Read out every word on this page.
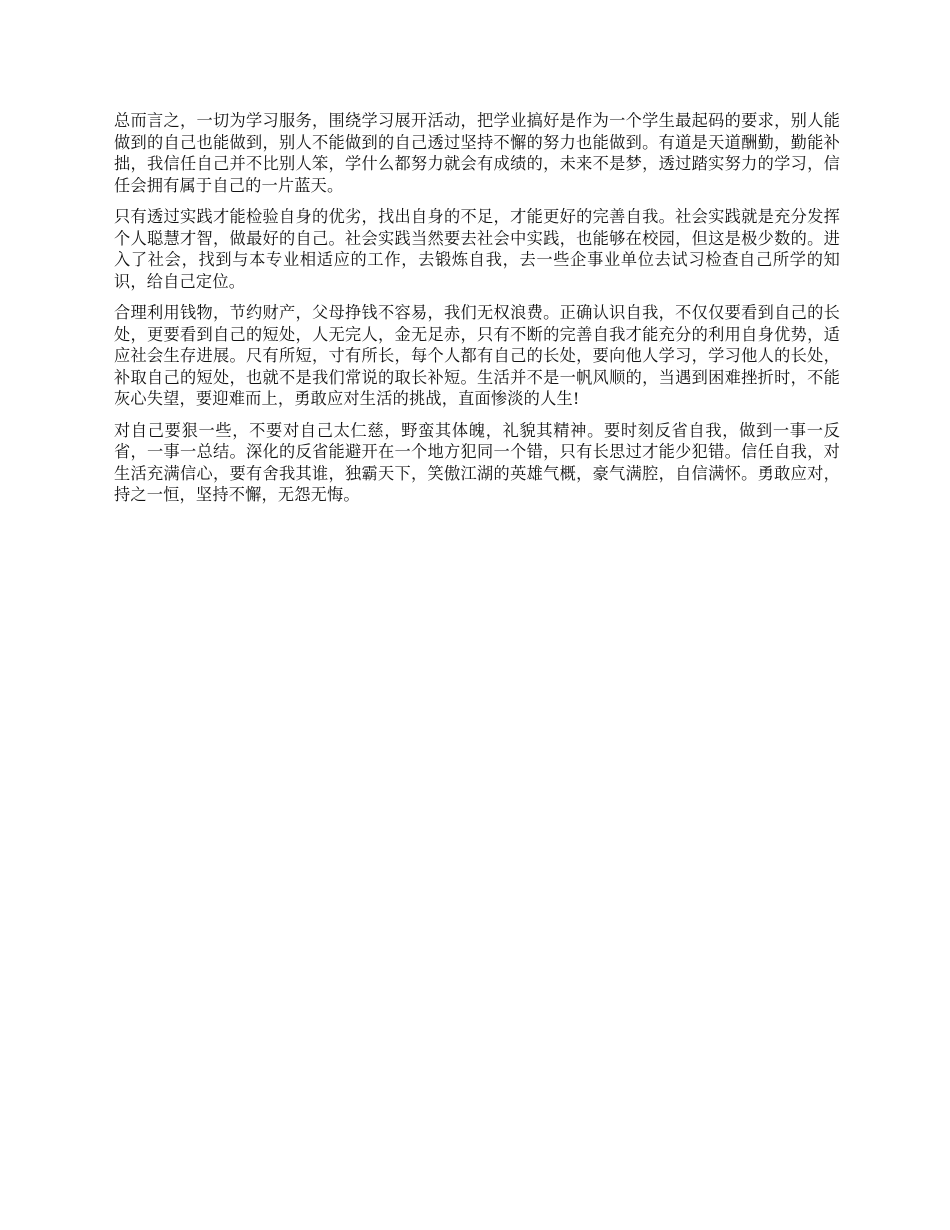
总而言之，一切为学习服务，围绕学习展开活动，把学业搞好是作为一个学生最起码的要求，别人能做到的自己也能做到，别人不能做到的自己透过坚持不懈的努力也能做到。有道是天道酬勤，勤能补拙，我信任自己并不比别人笨，学什么都努力就会有成绩的，未来不是梦，透过踏实努力的学习，信任会拥有属于自己的一片蓝天。

只有透过实践才能检验自身的优劣，找出自身的不足，才能更好的完善自我。社会实践就是充分发挥个人聪慧才智，做最好的自己。社会实践当然要去社会中实践，也能够在校园，但这是极少数的。进入了社会，找到与本专业相适应的工作，去锻炼自我，去一些企事业单位去试习检查自己所学的知识，给自己定位。

合理利用钱物，节约财产，父母挣钱不容易，我们无权浪费。正确认识自我，不仅仅要看到自己的长处，更要看到自己的短处，人无完人，金无足赤，只有不断的完善自我才能充分的利用自身优势，适应社会生存进展。尺有所短，寸有所长，每个人都有自己的长处，要向他人学习，学习他人的长处，补取自己的短处，也就不是我们常说的取长补短。生活并不是一帆风顺的，当遇到困难挫折时，不能灰心失望，要迎难而上，勇敢应对生活的挑战，直面惨淡的人生!

对自己要狠一些，不要对自己太仁慈，野蛮其体魄，礼貌其精神。要时刻反省自我，做到一事一反省，一事一总结。深化的反省能避开在一个地方犯同一个错，只有长思过才能少犯错。信任自我，对生活充满信心，要有舍我其谁，独霸天下，笑傲江湖的英雄气概，豪气满腔，自信满怀。勇敢应对，持之一恒，坚持不懈，无怨无悔。
